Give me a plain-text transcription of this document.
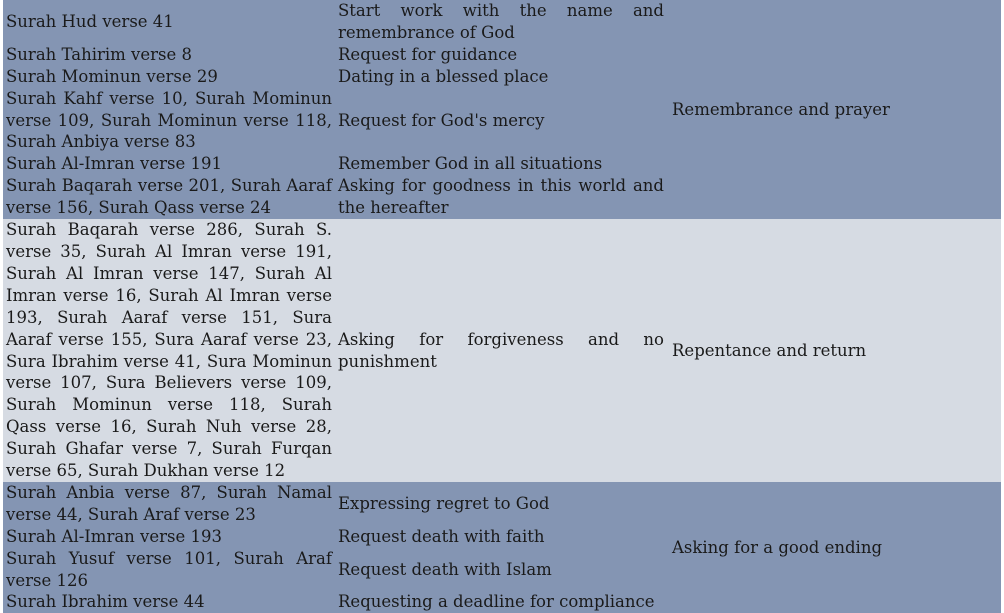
Surah Hud verse 41	Start work with the name and remembrance of God	Remembrance and prayer
Surah Tahirim verse 8	Request for guidance	
Surah Mominun verse 29	Dating in a blessed place	
Surah Kahf verse 10, Surah Mominun verse 109, Surah Mominun verse 118, Surah Anbiya verse 83	Request for God's mercy	
Surah Al-Imran verse 191	Remember God in all situations	
Surah Baqarah verse 201, Surah Aaraf verse 156, Surah Qass verse 24	Asking for goodness in this world and the hereafter	
Surah Baqarah verse 286, Surah S. verse 35, Surah Al Imran verse 191, Surah Al Imran verse 147, Surah Al Imran verse 16, Surah Al Imran verse 193, Surah Aaraf verse 151, Sura Aaraf verse 155, Sura Aaraf verse 23, Sura Ibrahim verse 41, Sura Mominun verse 107, Sura Believers verse 109, Surah Mominun verse 118, Surah Qass verse 16, Surah Nuh verse 28, Surah Ghafar verse 7, Surah Furqan verse 65, Surah Dukhan verse 12	Asking for forgiveness and no punishment	Repentance and return
Surah Anbia verse 87, Surah Namal verse 44, Surah Araf verse 23	Expressing regret to God	Asking for a good ending
Surah Al-Imran verse 193	Request death with faith	
Surah Yusuf verse 101, Surah Araf verse 126	Request death with Islam	
Surah Ibrahim verse 44	Requesting a deadline for compliance	
